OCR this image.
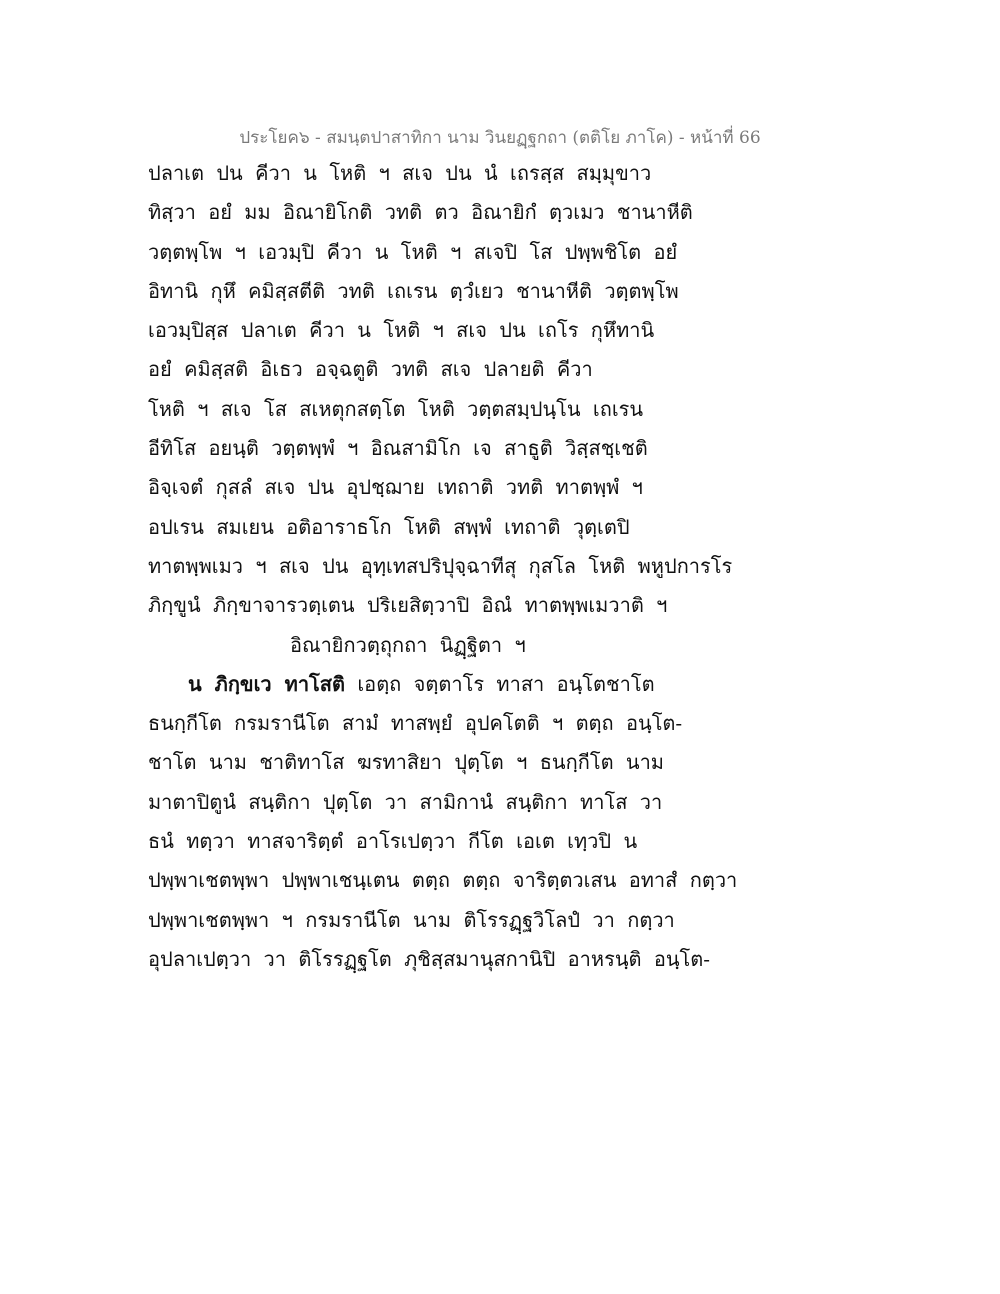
ประโยค๖ - สมนฺตปาสาทิกา นาม วินยฏฺฐกถา (ตติโย ภาโค) - หน้าที่ 66
ปลาเต ปน คีวา น โหติ ฯ สเจ ปน นํ เถรสฺส สมฺมุขาว
ทิสฺวา อยํ มม อิณายิโกติ วทติ ตว อิณายิกํ ตฺวเมว ชานาหีติ
วตฺตพฺโพ ฯ เอวมฺปิ คีวา น โหติ ฯ สเจปิ โส ปพฺพชิโต อยํ
อิทานิ กุหึ คมิสฺสตีติ วทติ เถเรน ตฺวํเยว ชานาหีติ วตฺตพฺโพ
เอวมฺปิสฺส ปลาเต คีวา น โหติ ฯ สเจ ปน เถโร กุหึทานิ
อยํ คมิสฺสติ อิเธว อจฺฉตูติ วทติ สเจ ปลายติ คีวา
โหติ ฯ สเจ โส สเหตุกสตฺโต โหติ วตฺตสมฺปนฺโน เถเรน
อีทิโส อยนฺติ วตฺตพฺพํ ฯ อิณสามิโก เจ สาธูติ วิสฺสชฺเชติ
อิจฺเจตํ กุสลํ สเจ ปน อุปชฺฌาย เทถาติ วทติ ทาตพฺพํ ฯ
อปเรน สมเยน อติอาราธโก โหติ สพฺพํ เทถาติ วุตฺเตปิ
ทาตพฺพเมว ฯ สเจ ปน อุทฺเทสปริปุจฺฉาทีสุ กุสโล โหติ พหูปการโร
ภิกฺขูนํ ภิกฺขาจารวตฺเตน ปริเยสิตฺวาปิ อิณํ ทาตพฺพเมวาติ ฯ
อิณายิกวตฺถุกถา นิฏฺฐิตา ฯ
น ภิกฺขเว ทาโสติ เอตฺถ จตฺตาโร ทาสา อนฺโตชาโต
ธนกฺกีโต กรมรานีโต สามํ ทาสพฺยํ อุปคโตติ ฯ ตตฺถ อนฺโต-
ชาโต นาม ชาติทาโส ฆรทาสิยา ปุตฺโต ฯ ธนกฺกีโต นาม
มาตาปิตูนํ สนฺติกา ปุตฺโต วา สามิกานํ สนฺติกา ทาโส วา
ธนํ ทตฺวา ทาสจาริตฺตํ อาโรเปตฺวา กีโต เอเต เทฺวปิ น
ปพฺพาเชตพฺพา ปพฺพาเชนฺเตน ตตฺถ ตตฺถ จาริตฺตวเสน อทาสํ กตฺวา
ปพฺพาเชตพฺพา ฯ กรมรานีโต นาม ติโรรฏฺฐวิโลปํ วา กตฺวา
อุปลาเปตฺวา วา ติโรรฏฺฐโต ภุชิสฺสมานุสกานิปิ อาหรนฺติ อนฺโต-
